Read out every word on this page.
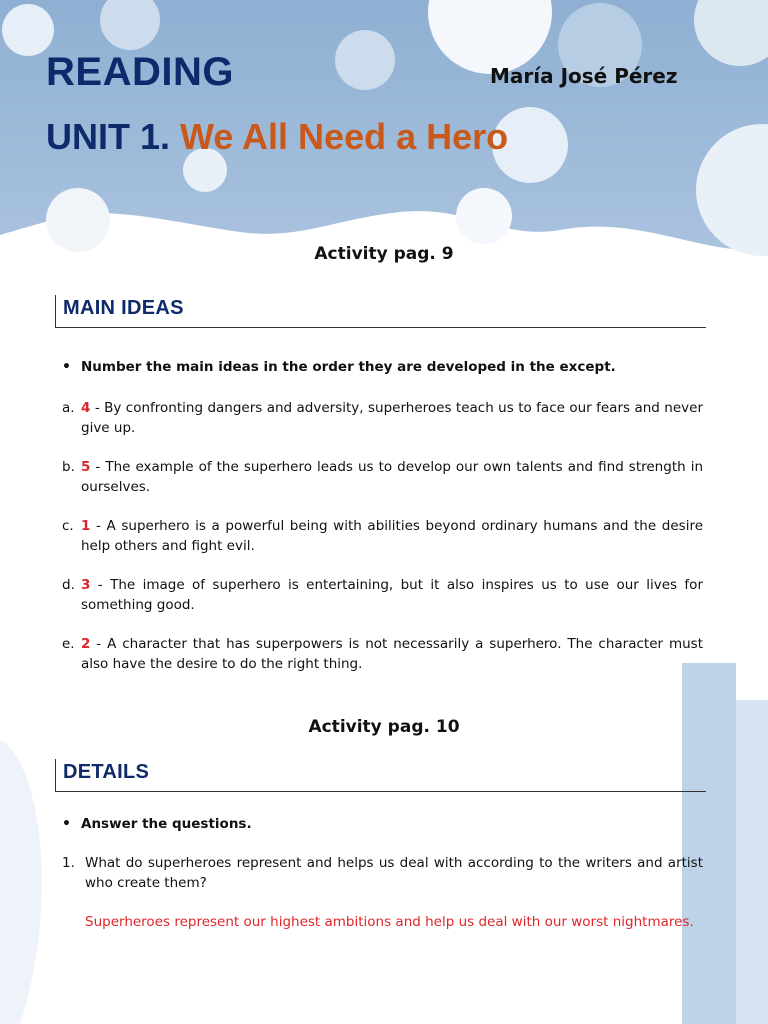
READING	María José Pérez
UNIT 1. We All Need a Hero
Activity pag. 9
MAIN IDEAS
• Number the main ideas in the order they are developed in the except.
a. 4 - By confronting dangers and adversity, superheroes teach us to face our fears and never give up.
b. 5 - The example of the superhero leads us to develop our own talents and find strength in ourselves.
c. 1 - A superhero is a powerful being with abilities beyond ordinary humans and the desire help others and fight evil.
d. 3 - The image of superhero is entertaining, but it also inspires us to use our lives for something good.
e. 2 - A character that has superpowers is not necessarily a superhero. The character must also have the desire to do the right thing.
Activity pag. 10
DETAILS
• Answer the questions.
1. What do superheroes represent and helps us deal with according to the writers and artist who create them?
Superheroes represent our highest ambitions and help us deal with our worst nightmares.
